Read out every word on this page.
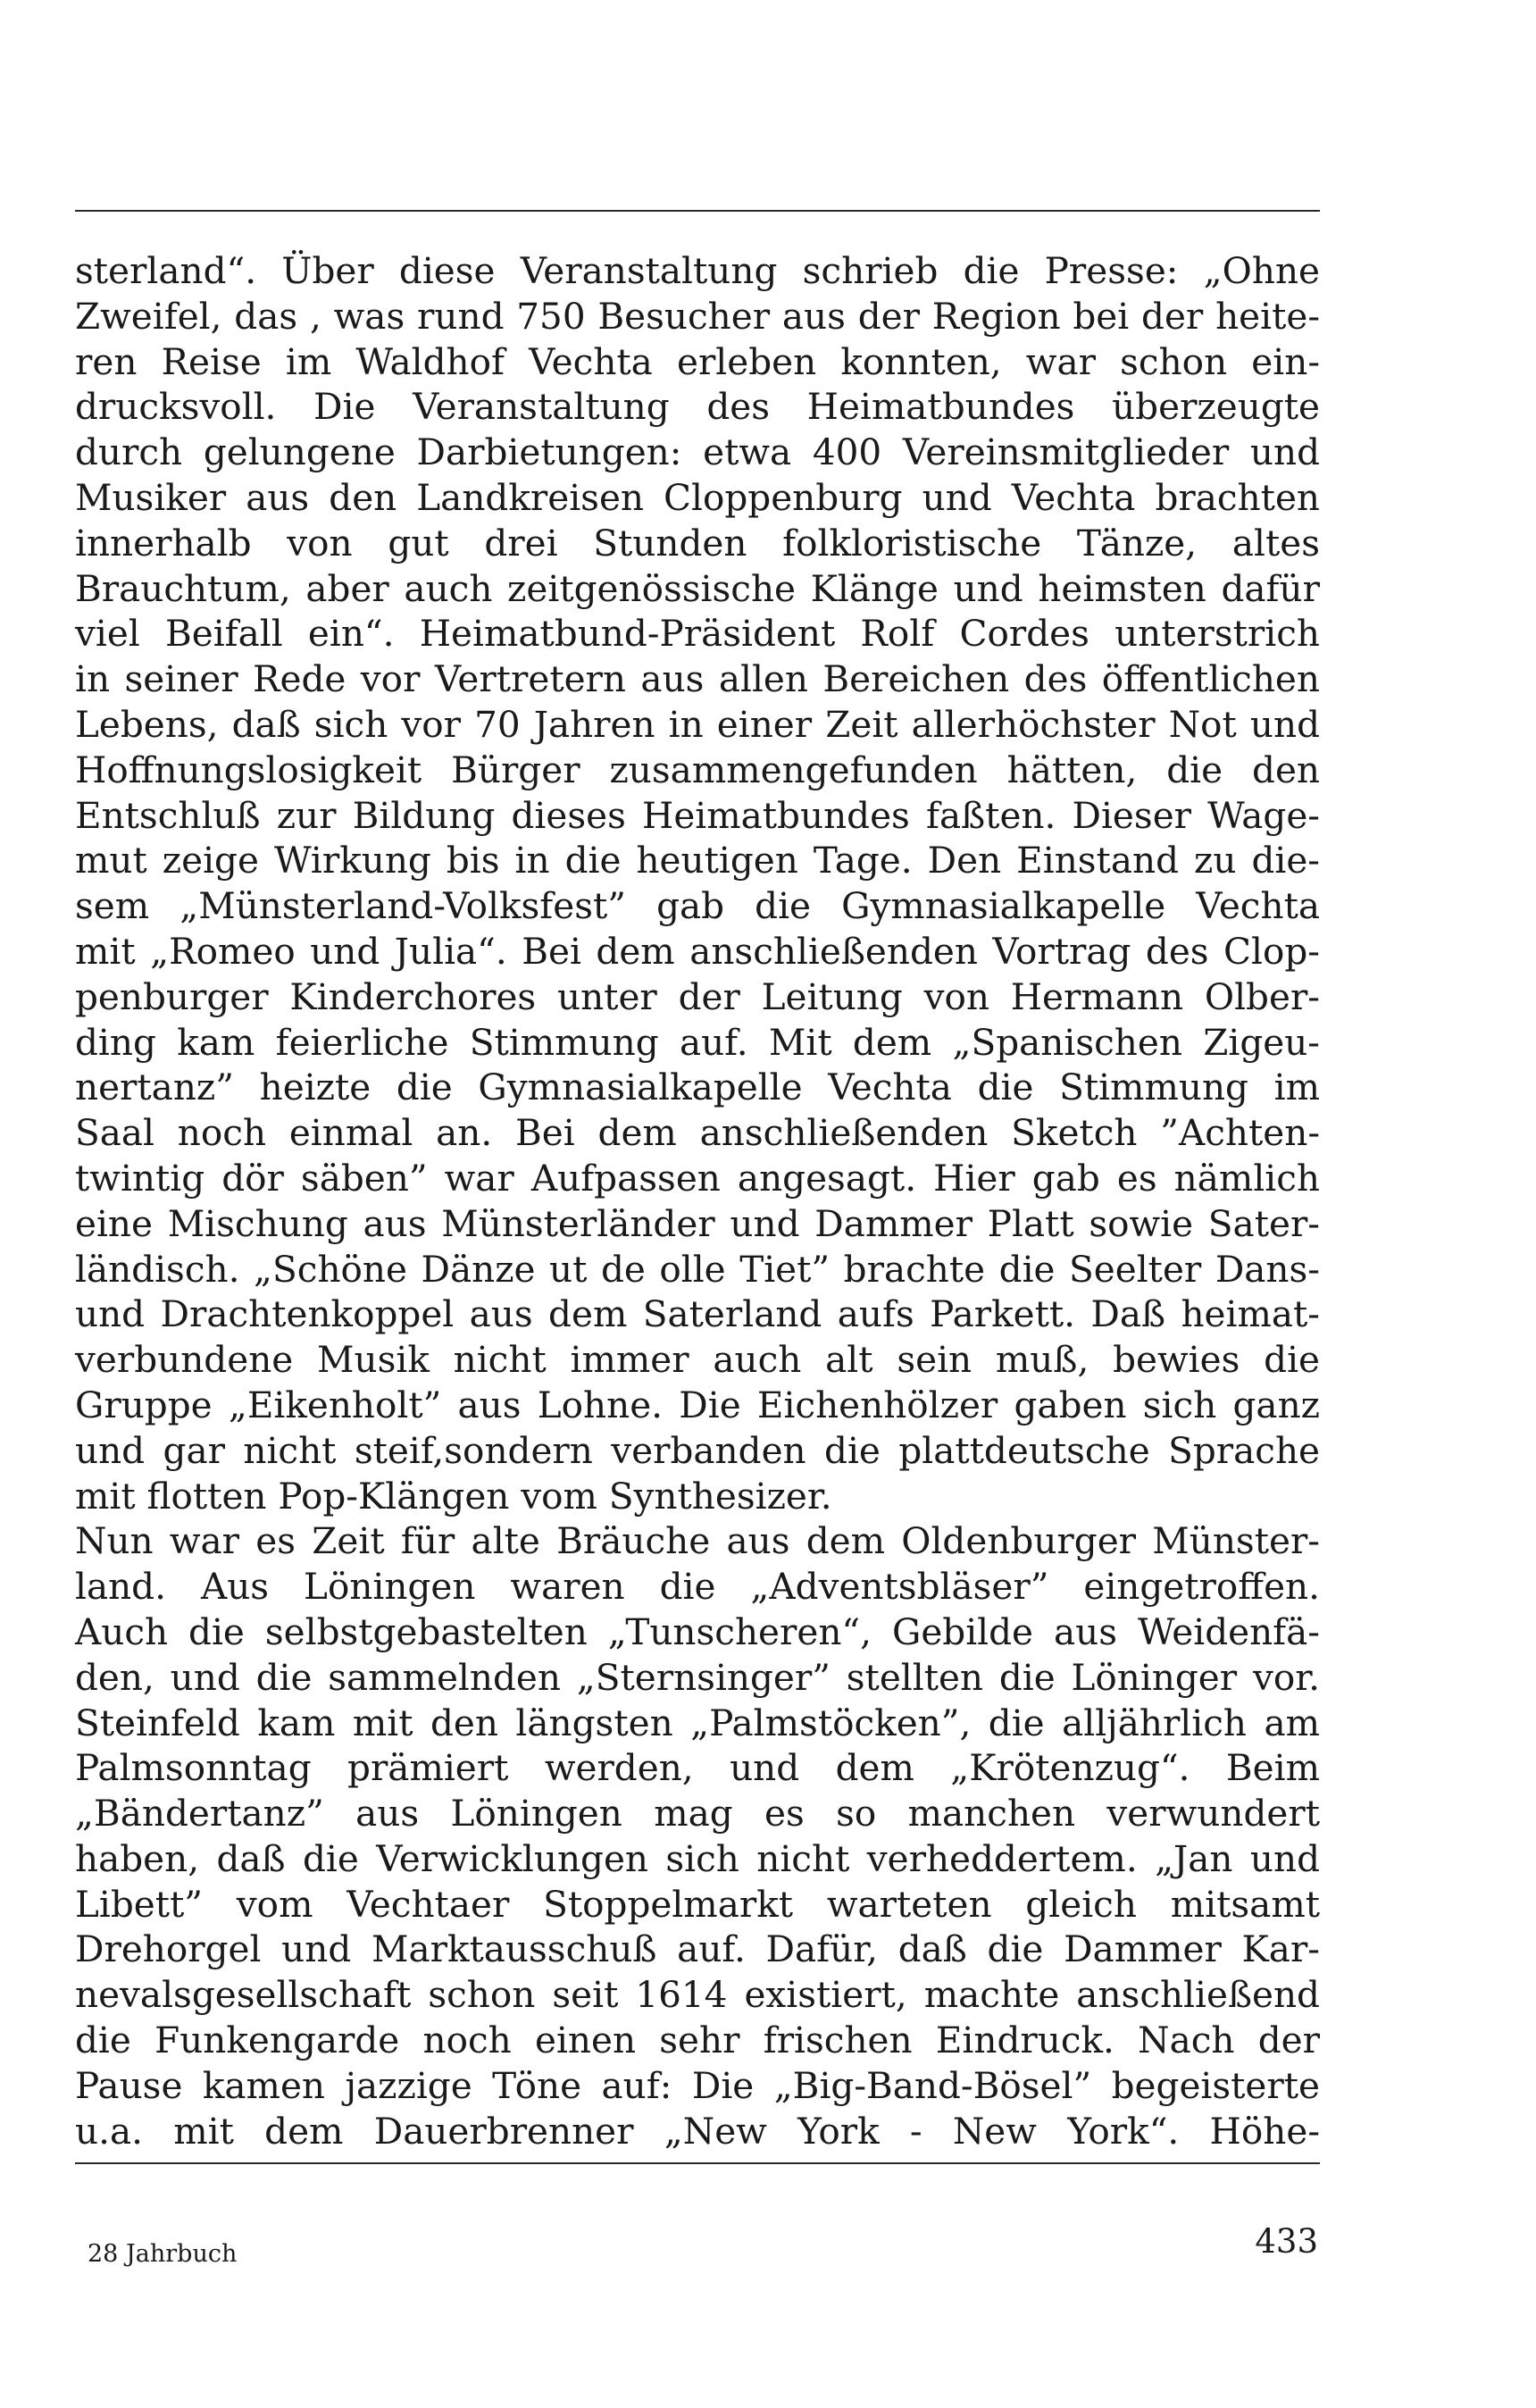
sterland“. Über diese Veranstaltung schrieb die Presse: „Ohne
Zweifel, das , was rund 750 Besucher aus der Region bei der heite-
ren Reise im Waldhof Vechta erleben konnten, war schon ein-
drucksvoll. Die Veranstaltung des Heimatbundes überzeugte
durch gelungene Darbietungen: etwa 400 Vereinsmitglieder und
Musiker aus den Landkreisen Cloppenburg und Vechta brachten
innerhalb von gut drei Stunden folkloristische Tänze, altes
Brauchtum, aber auch zeitgenössische Klänge und heimsten dafür
viel Beifall ein“. Heimatbund-Präsident Rolf Cordes unterstrich
in seiner Rede vor Vertretern aus allen Bereichen des öffentlichen
Lebens, daß sich vor 70 Jahren in einer Zeit allerhöchster Not und
Hoffnungslosigkeit Bürger zusammengefunden hätten, die den
Entschluß zur Bildung dieses Heimatbundes faßten. Dieser Wage-
mut zeige Wirkung bis in die heutigen Tage. Den Einstand zu die-
sem „Münsterland-Volksfest” gab die Gymnasialkapelle Vechta
mit „Romeo und Julia“. Bei dem anschließenden Vortrag des Clop-
penburger Kinderchores unter der Leitung von Hermann Olber-
ding kam feierliche Stimmung auf. Mit dem „Spanischen Zigeu-
nertanz” heizte die Gymnasialkapelle Vechta die Stimmung im
Saal noch einmal an. Bei dem anschließenden Sketch ”Achten-
twintig dör säben” war Aufpassen angesagt. Hier gab es nämlich
eine Mischung aus Münsterländer und Dammer Platt sowie Sater-
ländisch. „Schöne Dänze ut de olle Tiet” brachte die Seelter Dans-
und Drachtenkoppel aus dem Saterland aufs Parkett. Daß heimat-
verbundene Musik nicht immer auch alt sein muß, bewies die
Gruppe „Eikenholt” aus Lohne. Die Eichenhölzer gaben sich ganz
und gar nicht steif,sondern verbanden die plattdeutsche Sprache
mit flotten Pop-Klängen vom Synthesizer.
Nun war es Zeit für alte Bräuche aus dem Oldenburger Münster-
land. Aus Löningen waren die „Adventsbläser” eingetroffen.
Auch die selbstgebastelten „Tunscheren“, Gebilde aus Weidenfä-
den, und die sammelnden „Sternsinger” stellten die Löninger vor.
Steinfeld kam mit den längsten „Palmstöcken”, die alljährlich am
Palmsonntag prämiert werden, und dem „Krötenzug“. Beim
„Bändertanz” aus Löningen mag es so manchen verwundert
haben, daß die Verwicklungen sich nicht verheddertem. „Jan und
Libett” vom Vechtaer Stoppelmarkt warteten gleich mitsamt
Drehorgel und Marktausschuß auf. Dafür, daß die Dammer Kar-
nevalsgesellschaft schon seit 1614 existiert, machte anschließend
die Funkengarde noch einen sehr frischen Eindruck. Nach der
Pause kamen jazzige Töne auf: Die „Big-Band-Bösel” begeisterte
u.a. mit dem Dauerbrenner „New York - New York“. Höhe-
28 Jahrbuch	433
